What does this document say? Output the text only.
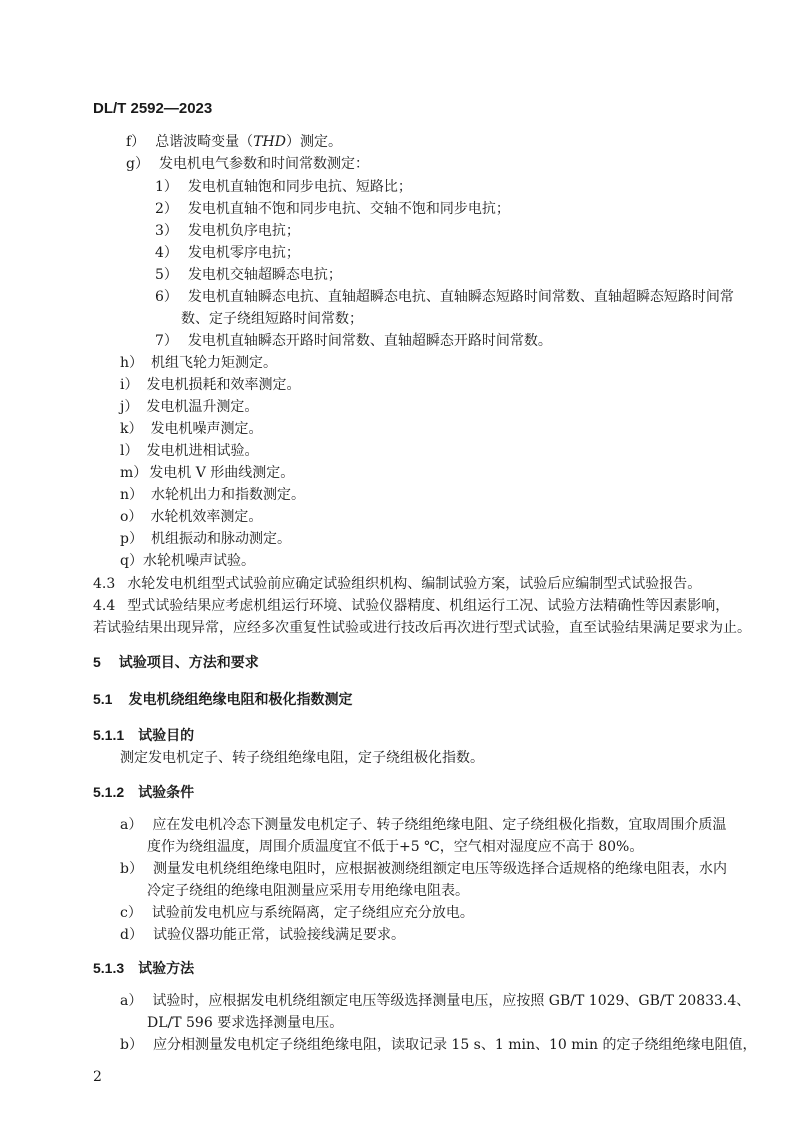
DL/T 2592—2023
f） 总谐波畸变量（THD）测定。
g） 发电机电气参数和时间常数测定：
1） 发电机直轴饱和同步电抗、短路比；
2） 发电机直轴不饱和同步电抗、交轴不饱和同步电抗；
3） 发电机负序电抗；
4） 发电机零序电抗；
5） 发电机交轴超瞬态电抗；
6） 发电机直轴瞬态电抗、直轴超瞬态电抗、直轴瞬态短路时间常数、直轴超瞬态短路时间常
数、定子绕组短路时间常数；
7） 发电机直轴瞬态开路时间常数、直轴超瞬态开路时间常数。
h） 机组飞轮力矩测定。
i） 发电机损耗和效率测定。
j） 发电机温升测定。
k） 发电机噪声测定。
l） 发电机进相试验。
m） 发电机 V 形曲线测定。
n） 水轮机出力和指数测定。
o） 水轮机效率测定。
p） 机组振动和脉动测定。
q）水轮机噪声试验。
4.3 水轮发电机组型式试验前应确定试验组织机构、编制试验方案，试验后应编制型式试验报告。
4.4 型式试验结果应考虑机组运行环境、试验仪器精度、机组运行工况、试验方法精确性等因素影响，
若试验结果出现异常，应经多次重复性试验或进行技改后再次进行型式试验，直至试验结果满足要求为止。
5 试验项目、方法和要求
5.1 发电机绕组绝缘电阻和极化指数测定
5.1.1 试验目的
测定发电机定子、转子绕组绝缘电阻，定子绕组极化指数。
5.1.2 试验条件
a） 应在发电机冷态下测量发电机定子、转子绕组绝缘电阻、定子绕组极化指数，宜取周围介质温
度作为绕组温度，周围介质温度宜不低于+5 ℃，空气相对湿度应不高于 80%。
b） 测量发电机绕组绝缘电阻时，应根据被测绕组额定电压等级选择合适规格的绝缘电阻表，水内
冷定子绕组的绝缘电阻测量应采用专用绝缘电阻表。
c） 试验前发电机应与系统隔离，定子绕组应充分放电。
d） 试验仪器功能正常，试验接线满足要求。
5.1.3 试验方法
a） 试验时，应根据发电机绕组额定电压等级选择测量电压，应按照 GB/T 1029、GB/T 20833.4、
DL/T 596 要求选择测量电压。
b） 应分相测量发电机定子绕组绝缘电阻，读取记录 15 s、1 min、10 min 的定子绕组绝缘电阻值，
2
